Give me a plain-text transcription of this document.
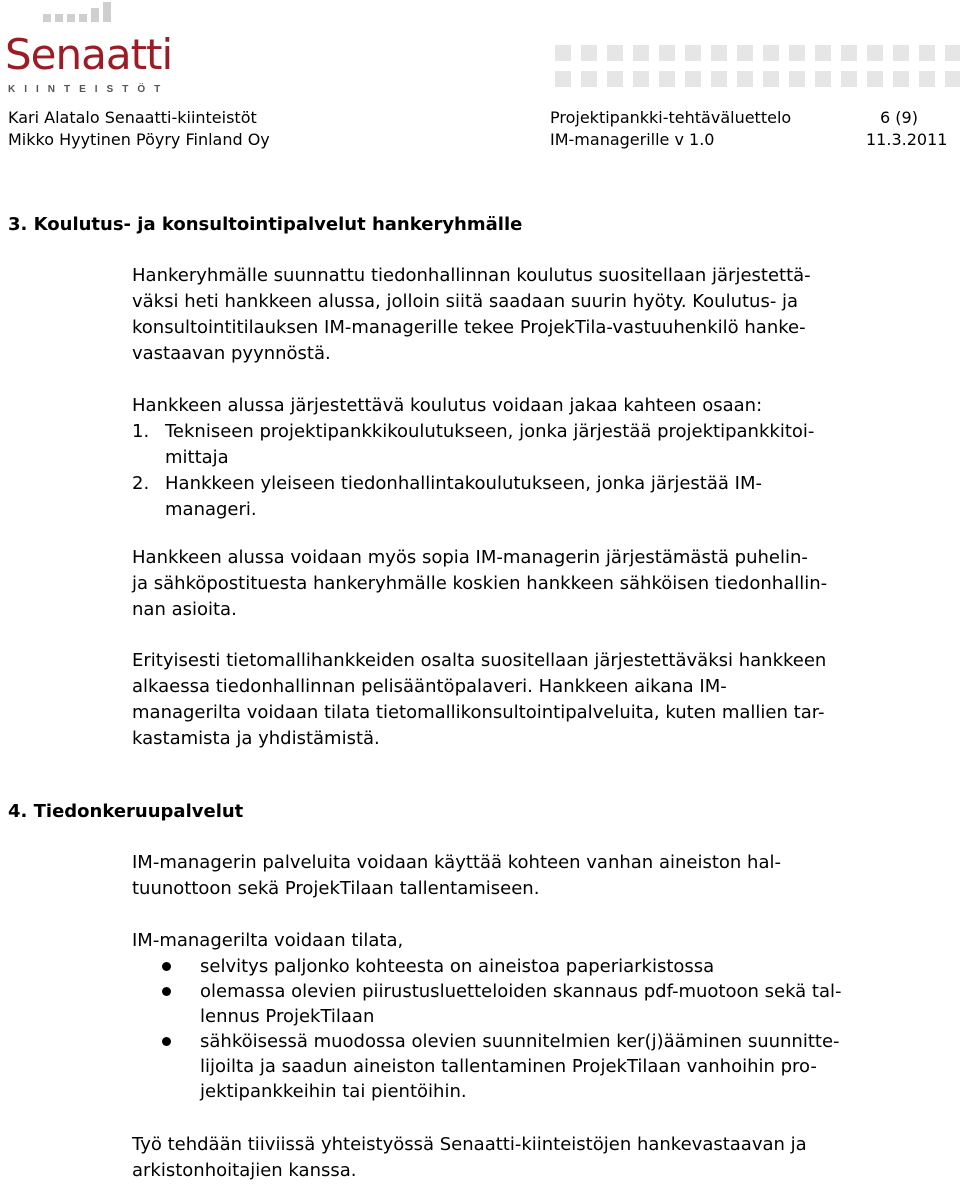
Senaatti
KIINTEISTÖT
Kari Alatalo Senaatti-kiinteistöt
Mikko Hyytinen Pöyry Finland Oy
Projektipankki-tehtäväluettelo
IM-managerille v 1.0
6 (9)
11.3.2011
3. Koulutus- ja konsultointipalvelut hankeryhmälle
Hankeryhmälle suunnattu tiedonhallinnan koulutus suositellaan järjestettä-
väksi heti hankkeen alussa, jolloin siitä saadaan suurin hyöty. Koulutus- ja
konsultointitilauksen IM-managerille tekee ProjekTila-vastuuhenkilö hanke-
vastaavan pyynnöstä.
Hankkeen alussa järjestettävä koulutus voidaan jakaa kahteen osaan:
1. Tekniseen projektipankkikoulutukseen, jonka järjestää projektipankkitoi-
mittaja
2. Hankkeen yleiseen tiedonhallintakoulutukseen, jonka järjestää IM-
manageri.
Hankkeen alussa voidaan myös sopia IM-managerin järjestämästä puhelin-
ja sähköpostituesta hankeryhmälle koskien hankkeen sähköisen tiedonhallin-
nan asioita.
Erityisesti tietomallihankkeiden osalta suositellaan järjestettäväksi hankkeen
alkaessa tiedonhallinnan pelisääntöpalaveri. Hankkeen aikana IM-
managerilta voidaan tilata tietomallikonsultointipalveluita, kuten mallien tar-
kastamista ja yhdistämistä.
4. Tiedonkeruupalvelut
IM-managerin palveluita voidaan käyttää kohteen vanhan aineiston hal-
tuunottoon sekä ProjekTilaan tallentamiseen.
IM-managerilta voidaan tilata,
selvitys paljonko kohteesta on aineistoa paperiarkistossa
olemassa olevien piirustusluetteloiden skannaus pdf-muotoon sekä tal-
lennus ProjekTilaan
sähköisessä muodossa olevien suunnitelmien ker(j)ääminen suunnitte-
lijoilta ja saadun aineiston tallentaminen ProjekTilaan vanhoihin pro-
jektipankkeihin tai pientöihin.
Työ tehdään tiiviissä yhteistyössä Senaatti-kiinteistöjen hankevastaavan ja
arkistonhoitajien kanssa.
